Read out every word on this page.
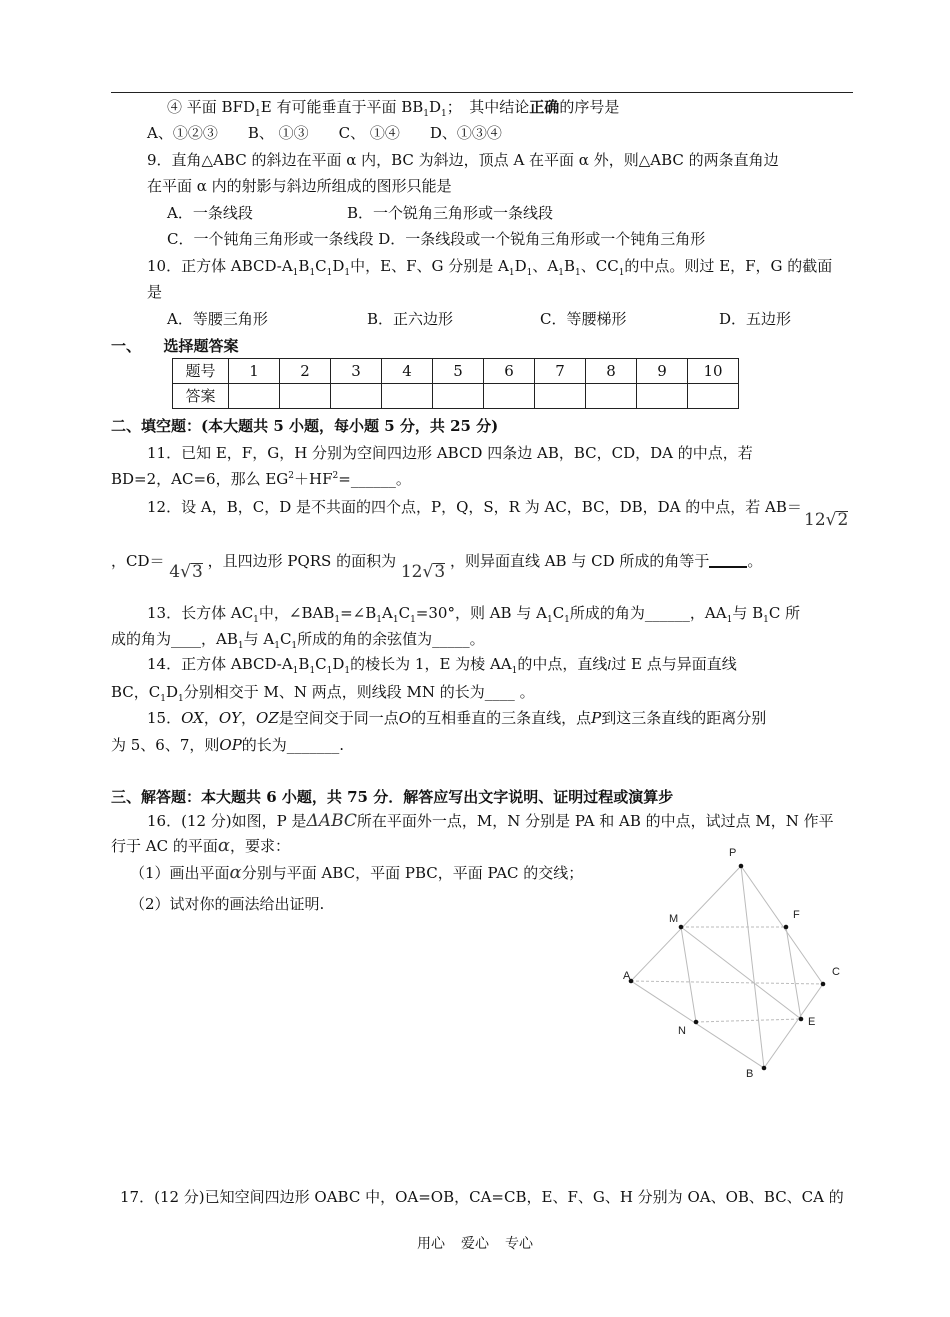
④ 平面 $BFD_1E$ 有可能垂直于平面 $BB_1D_1$；　其中结论正确的序号是
A、①②③　　B、 ①③　　C、 ①④　　D、①③④
9．直角△ABC 的斜边在平面 α 内，BC 为斜边，顶点 A 在平面 α 外，则△ABC 的两条直角边
在平面 α 内的射影与斜边所组成的图形只能是
A．一条线段	B．一个锐角三角形或一条线段
C．一个钝角三角形或一条线段 D．一条线段或一个锐角三角形或一个钝角三角形
10．正方体 ABCD-$A_1B_1C_1D_1$中，E、F、G 分别是 $A_1D_1$、$A_1B_1$、$CC_1$的中点。则过 E，F，G 的截面
是
A．等腰三角形	B．正六边形	C．等腰梯形	D．五边形
一、　　选择题答案
题号	1	2	3	4	5	6	7	8	9	10
答案										
二、填空题：(本大题共 5 小题，每小题 5 分，共 25 分)
11．已知 E，F，G，H 分别为空间四边形 ABCD 四条边 AB，BC，CD，DA 的中点，若
BD=2，AC=6，那么 $EG^2+HF^2=\_\_\_\_\_\_$。
12．设 A，B，C，D 是不共面的四个点，P，Q，S，R 为 AC，BC，DB，DA 的中点，若 AB＝
12√2
，CD＝ 4√3 ，且四边形 PQRS 的面积为 12√3 ，则异面直线 AB 与 CD 所成的角等于	。
13．长方体 $AC_1$中，$\angle BAB_1=\angle B_1A_1C_1=30^\circ$，则 AB 与 $A_1C_1$所成的角为______，$AA_1$与 $B_1C$ 所
成的角为____，$AB_1$与 $A_1C_1$所成的角的余弦值为_____。
14．正方体 ABCD-$A_1B_1C_1D_1$的棱长为 1，E 为棱 $AA_1$的中点，直线l过 E 点与异面直线
BC，$C_1D_1$分别相交于 M、N 两点，则线段 MN 的长为____ 。
15．OX，OY，OZ是空间交于同一点O的互相垂直的三条直线，点P到这三条直线的距离分别
为 5、6、7，则OP的长为_______.
三、解答题：本大题共 6 小题，共 75 分．解答应写出文字说明、证明过程或演算步
16．(12 分)如图，P 是ΔABC所在平面外一点，M，N 分别是 PA 和 AB 的中点，试过点 M，N 作平
行于 AC 的平面α，要求：
（1）画出平面α分别与平面 ABC，平面 PBC，平面 PAC 的交线；
（2）试对你的画法给出证明.
P
M	F
A	C
N
E
B
17．(12 分)已知空间四边形 OABC 中，OA=OB，CA=CB，E、F、G、H 分别为 OA、OB、BC、CA 的
用心 爱心 专心
